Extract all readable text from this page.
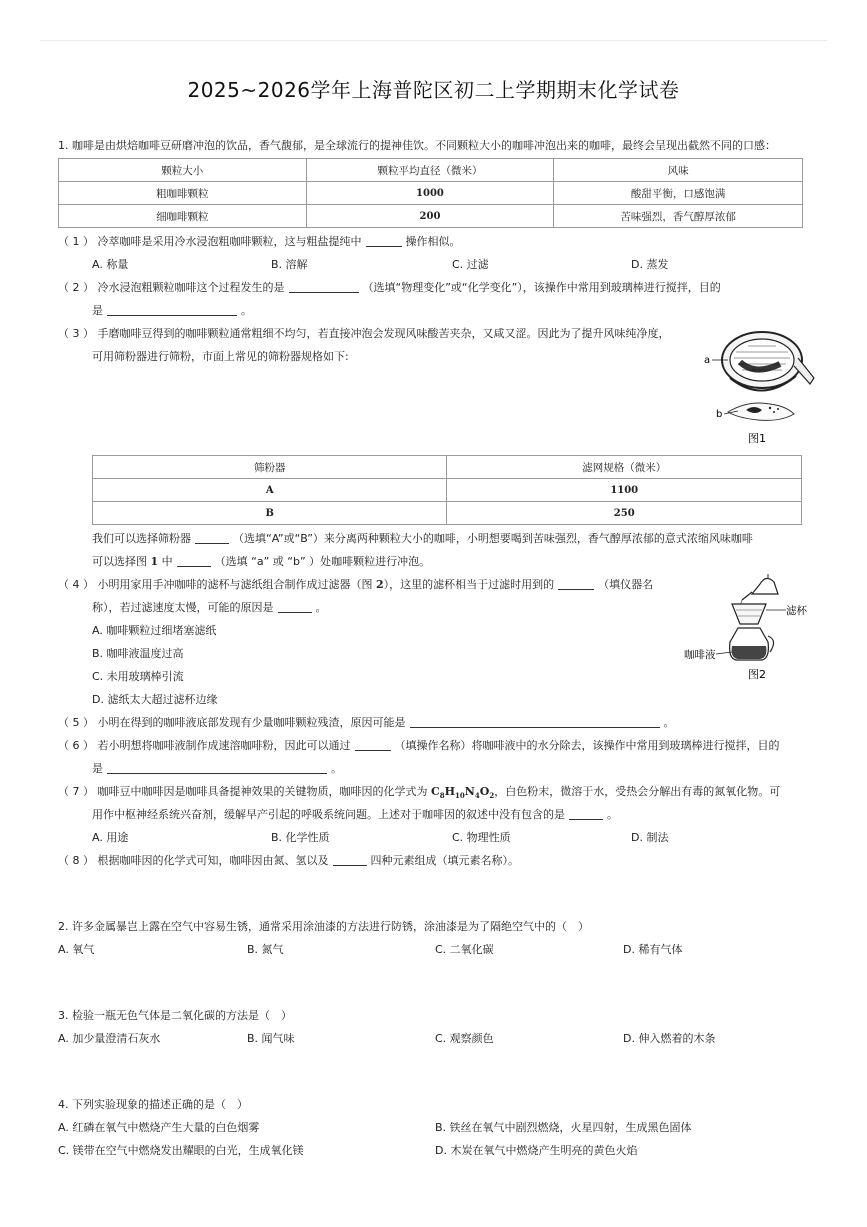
2025~2026学年上海普陀区初二上学期期末化学试卷
1. 咖啡是由烘焙咖啡豆研磨冲泡的饮品，香气馥郁，是全球流行的提神佳饮。不同颗粒大小的咖啡冲泡出来的咖啡，最终会呈现出截然不同的口感：
颗粒大小	颗粒平均直径（微米）	风味
粗咖啡颗粒	1000	酸甜平衡，口感饱满
细咖啡颗粒	200	苦味强烈，香气醇厚浓郁
（ 1 ） 冷萃咖啡是采用冷水浸泡粗咖啡颗粒，这与粗盐提纯中	操作相似。
A. 称量	B. 溶解	C. 过滤	D. 蒸发
（ 2 ） 冷水浸泡粗颗粒咖啡这个过程发生的是	（选填“物理变化”或“化学变化”），该操作中常用到玻璃棒进行搅拌，目的
是	。
（ 3 ） 手磨咖啡豆得到的咖啡颗粒通常粗细不均匀，若直接冲泡会发现风味酸苦夹杂，又咸又涩。因此为了提升风味纯净度，
可用筛粉器进行筛粉，市面上常见的筛粉器规格如下:	a
b
图1
筛粉器	滤网规格（微米）
A	1100
B	250
我们可以选择筛粉器	（选填“A”或“B”）来分离两种颗粒大小的咖啡，小明想要喝到苦味强烈，香气醇厚浓郁的意式浓缩风味咖啡
可以选择图 1 中	（选填 “a” 或 “b” ）处咖啡颗粒进行冲泡。
（ 4 ） 小明用家用手冲咖啡的滤杯与滤纸组合制作成过滤器（图 2），这里的滤杯相当于过滤时用到的	（填仪器名
称），若过滤速度太慢，可能的原因是	。
A. 咖啡颗粒过细堵塞滤纸
B. 咖啡液温度过高
C. 未用玻璃棒引流
D. 滤纸太大超过滤杯边缘
滤杯
咖啡液
图2
（ 5 ） 小明在得到的咖啡液底部发现有少量咖啡颗粒残渣，原因可能是	。
（ 6 ） 若小明想将咖啡液制作成速溶咖啡粉，因此可以通过	（填操作名称）将咖啡液中的水分除去，该操作中常用到玻璃棒进行搅拌，目的
是	。
（ 7 ） 咖啡豆中咖啡因是咖啡具备提神效果的关键物质，咖啡因的化学式为 $C_8H_{10}N_4O_2$，白色粉末，微溶于水，受热会分解出有毒的氮氧化物。可
用作中枢神经系统兴奋剂，缓解早产引起的呼吸系统问题。上述对于咖啡因的叙述中没有包含的是	。
A. 用途	B. 化学性质	C. 物理性质	D. 制法
（ 8 ） 根据咖啡因的化学式可知，咖啡因由氮、氢以及	四种元素组成（填元素名称）。
2. 许多金属暴岂上露在空气中容易生锈，通常采用涂油漆的方法进行防锈，涂油漆是为了隔绝空气中的（　）
A. 氧气	B. 氮气	C. 二氧化碳	D. 稀有气体
3. 检验一瓶无色气体是二氧化碳的方法是（　）
A. 加少量澄清石灰水	B. 闻气味	C. 观察颜色	D. 伸入燃着的木条
4. 下列实验现象的描述正确的是（　）
A. 红磷在氧气中燃烧产生大量的白色烟雾	B. 铁丝在氧气中剧烈燃烧，火星四射，生成黑色固体
C. 镁带在空气中燃烧发出耀眼的白光，生成氧化镁	D. 木炭在氧气中燃烧产生明亮的黄色火焰
